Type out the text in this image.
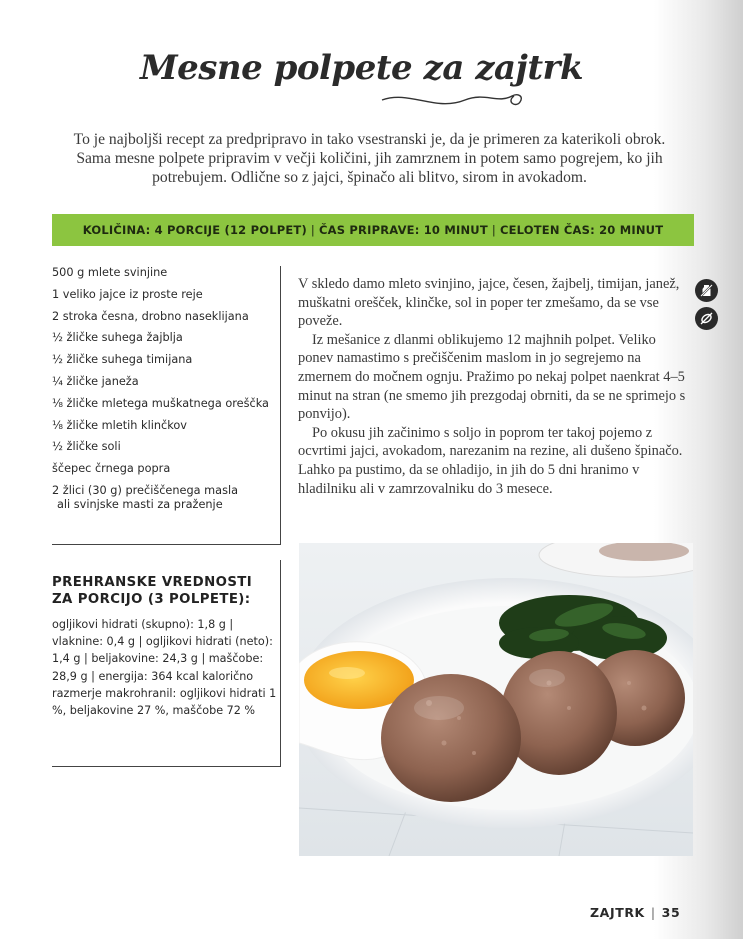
Mesne polpete za zajtrk
To je najboljši recept za predpripravo in tako vsestranski je, da je primeren za katerikoli obrok. Sama mesne polpete pripravim v večji količini, jih zamrznem in potem samo pogrejem, ko jih potrebujem. Odlične so z jajci, špinačo ali blitvo, sirom in avokadom.
KOLIČINA: 4 PORCIJE (12 POLPET) | ČAS PRIPRAVE: 10 MINUT | CELOTEN ČAS: 20 MINUT
500 g mlete svinjine
1 veliko jajce iz proste reje
2 stroka česna, drobno naseklijana
½ žličke suhega žajblja
½ žličke suhega timijana
¼ žličke janeža
⅛ žličke mletega muškatnega oreščka
⅛ žličke mletih klinčkov
½ žličke soli
ščepec črnega popra
2 žlici (30 g) prečiščenega masla
ali svinjske masti za praženje
PREHRANSKE VREDNOSTI
ZA PORCIJO (3 POLPETE):

ogljikovi hidrati (skupno): 1,8 g | vlaknine: 0,4 g | ogljikovi hidrati (neto): 1,4 g | beljakovine: 24,3 g | maščobe: 28,9 g | energija: 364 kcal kalorično razmerje makrohranil: ogljikovi hidrati 1 %, beljakovine 27 %, maščobe 72 %

V skledo damo mleto svinjino, jajce, česen, žajbelj, timijan, janež, muškatni orešček, klinčke, sol in poper ter zmešamo, da se vse poveže.

Iz mešanice z dlanmi oblikujemo 12 majhnih polpet. Veliko ponev namastimo s prečiščenim maslom in jo segrejemo na zmernem do močnem ognju. Pražimo po nekaj polpet naenkrat 4–5 minut na stran (ne smemo jih prezgodaj obrniti, da se ne sprimejo s ponvijo).

Po okusu jih začinimo s soljo in poprom ter takoj pojemo z ocvrtimi jajci, avokadom, narezanim na rezine, ali dušeno špinačo. Lahko pa pustimo, da se ohladijo, in jih do 5 dni hranimo v hladilniku ali v zamrzovalniku do 3 mesece.

ZAJTRK | 35
